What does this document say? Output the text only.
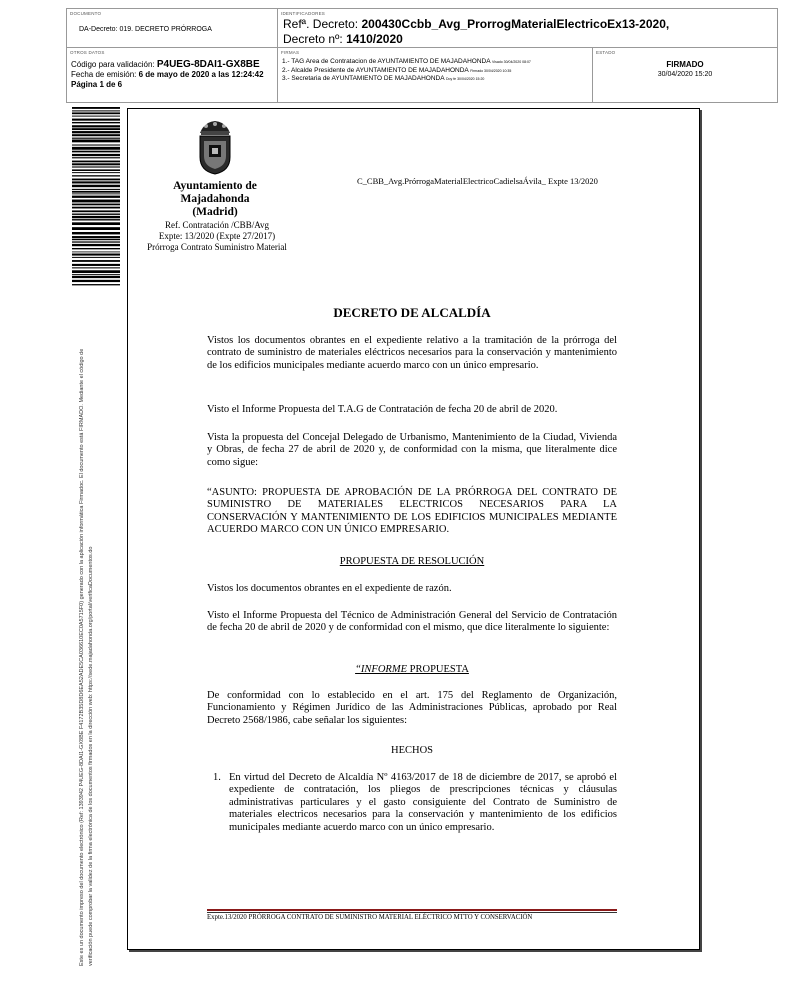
DOCUMENTO
DA-Decreto: 019. DECRETO PRÓRROGA
IDENTIFICADORES
Refª. Decreto: 200430Ccbb_Avg_ProrrogMaterialElectricoEx13-2020,
Decreto nº: 1410/2020
OTROS DATOS
Código para validación: P4UEG-8DAI1-GX8BE
Fecha de emisión: 6 de mayo de 2020 a las 12:24:42
Página 1 de 6
FIRMAS
1.- TAG Area de Contratacion de AYUNTAMIENTO DE MAJADAHONDA Visado 30/04/2020 08:07
2.- Alcalde Presidente de AYUNTAMIENTO DE MAJADAHONDA Firmado 30/04/2020 10:35
3.- Secretaria de AYUNTAMIENTO DE MAJADAHONDA Doy fe 30/04/2020 15:20
ESTADO
FIRMADO
30/04/2020 15:20
Este es un documento impreso del documento electrónico (Ref: 1393942 P4UEG-8DAI1-GX8BE F4172B35D8D6EA52ADE5CA036610EC0A5715F0) generado con la aplicación informática Firmadoc. El documento está FIRMADO. Mediante el código de verificación puede comprobar la validez de la firma electrónica de los documentos firmados en la dirección web: https://sede.majadahonda.org/portal/verificaDocumentos.do
Ayuntamiento de
Majadahonda
(Madrid)
Ref. Contratación /CBB/Avg
Expte: 13/2020 (Expte 27/2017)
Prórroga Contrato Suministro Material
C_CBB_Avg.PrórrogaMaterialElectricoCadielsaÁvila_ Expte 13/2020
DECRETO DE ALCALDÍA
Vistos los documentos obrantes en el expediente relativo a la tramitación de la prórroga del contrato de suministro de materiales eléctricos necesarios para la conservación y mantenimiento de los edificios municipales mediante acuerdo marco con un único empresario.
Visto el Informe Propuesta del T.A.G de Contratación de fecha 20 de abril de 2020.
Vista la propuesta del Concejal Delegado de Urbanismo, Mantenimiento de la Ciudad, Vivienda y Obras, de fecha 27 de abril de 2020 y, de conformidad con la misma, que literalmente dice como sigue:
“ASUNTO: PROPUESTA DE APROBACIÓN DE LA PRÓRROGA DEL CONTRATO DE SUMINISTRO DE MATERIALES ELECTRICOS NECESARIOS PARA LA CONSERVACIÓN Y MANTENIMIENTO DE LOS EDIFICIOS MUNICIPALES MEDIANTE ACUERDO MARCO CON UN ÚNICO EMPRESARIO.
PROPUESTA DE RESOLUCIÓN
Vistos los documentos obrantes en el expediente de razón.
Visto el Informe Propuesta del Técnico de Administración General del Servicio de Contratación de fecha 20 de abril de 2020 y de conformidad con el mismo, que dice literalmente lo siguiente:
“INFORME PROPUESTA
De conformidad con lo establecido en el art. 175 del Reglamento de Organización, Funcionamiento y Régimen Jurídico de las Administraciones Públicas, aprobado por Real Decreto 2568/1986, cabe señalar los siguientes:
HECHOS
1. En virtud del Decreto de Alcaldía Nº 4163/2017 de 18 de diciembre de 2017, se aprobó el expediente de contratación, los pliegos de prescripciones técnicas y cláusulas administrativas particulares y el gasto consiguiente del Contrato de Suministro de materiales electricos necesarios para la conservación y mantenimiento de los edificios municipales mediante acuerdo marco con un único empresario.
Expte.13/2020 PRÓRROGA CONTRATO DE SUMINISTRO MATERIAL ELÉCTRICO MTTO Y CONSERVACIÓN
